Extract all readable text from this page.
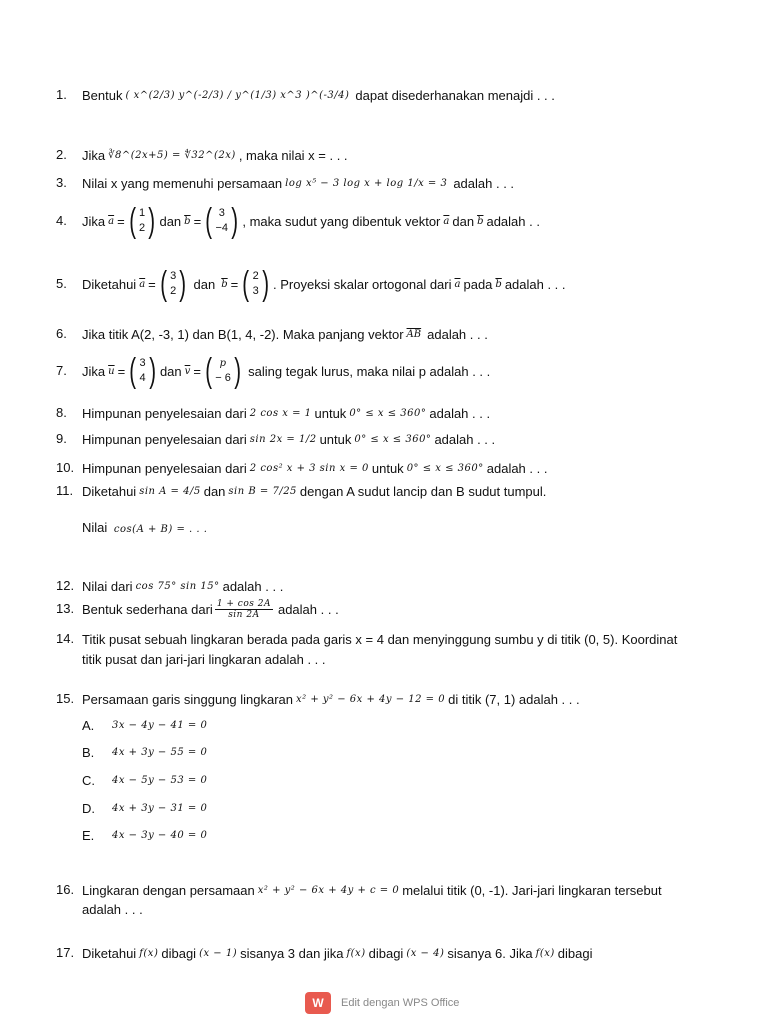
1. Bentuk ( x^(2/3) y^(-2/3) / y^(1/3) x^3 )^(-3/4) dapat disederhanakan menajdi . . .
2. Jika ∛8^(2x+5) = ∜32^(2x) , maka nilai x = . . .
3. Nilai x yang memenuhi persamaan log x⁵ − 3 log x + log 1/x = 3 adalah . . .
4. Jika $\overline{a}$ = ( 1
2 ) dan $\overline{b}$ = ( 3
−4 ) , maka sudut yang dibentuk vektor $\overline{a}$ dan $\overline{b}$ adalah . .
5. Diketahui $\overline{a}$ = ( 3
2 ) dan $\overline{b}$ = ( 2
3 ) . Proyeksi skalar ortogonal dari $\overline{a}$ pada $\overline{b}$ adalah . . .
6. Jika titik A(2, -3, 1) dan B(1, 4, -2). Maka panjang vektor $\overline{AB}$ adalah . . .
7. Jika $\overline{u}$ = ( 3
4 ) dan $\overline{v}$ = ( p
− 6 ) saling tegak lurus, maka nilai p adalah . . .
8. Himpunan penyelesaian dari 2 cos x = 1 untuk 0° ≤ x ≤ 360° adalah . . .
9. Himpunan penyelesaian dari sin 2x = 1/2 untuk 0° ≤ x ≤ 360° adalah . . .
10. Himpunan penyelesaian dari 2 cos² x + 3 sin x = 0 untuk 0° ≤ x ≤ 360° adalah . . .
11. Diketahui sin A = 4/5 dan sin B = 7/25 dengan A sudut lancip dan B sudut tumpul.
Nilai cos(A + B) = . . .
12. Nilai dari cos 75° sin 15° adalah . . .
13. Bentuk sederhana dari $\frac{1 + \cos 2A}{\sin 2A}$ adalah . . .
14. Titik pusat sebuah lingkaran berada pada garis x = 4 dan menyinggung sumbu y di titik (0, 5). Koordinat
titik pusat dan jari-jari lingkaran adalah . . .
15. Persamaan garis singgung lingkaran x² + y² − 6x + 4y − 12 = 0 di titik (7, 1) adalah . . .
A.	3x − 4y − 41 = 0
B.	4x + 3y − 55 = 0
C.	4x − 5y − 53 = 0
D.	4x + 3y − 31 = 0
E.	4x − 3y − 40 = 0
16. Lingkaran dengan persamaan x² + y² − 6x + 4y + c = 0 melalui titik (0, -1). Jari-jari lingkaran tersebut
adalah . . .
17. Diketahui f(x) dibagi (x − 1) sisanya 3 dan jika f(x) dibagi (x − 4) sisanya 6. Jika f(x) dibagi
W	Edit dengan WPS Office
